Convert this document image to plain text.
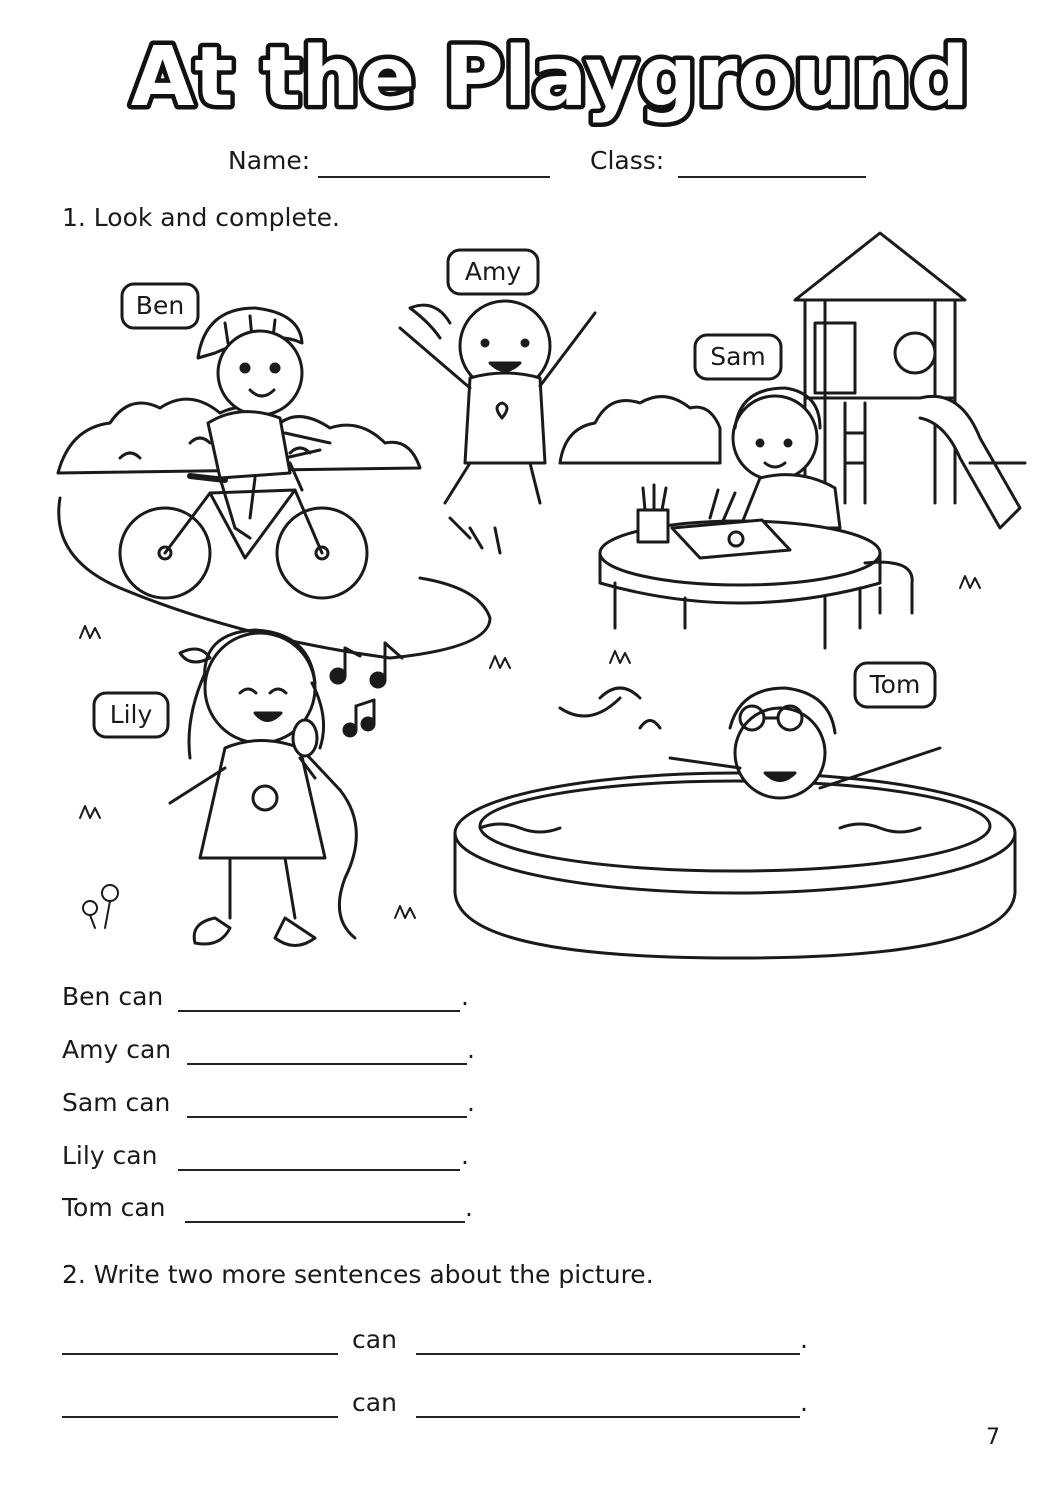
At the Playground
Name:	Class:
1. Look and complete.
Ben
Amy
Sam
Lily
Tom
Ben can	.
Amy can	.
Sam can	.
Lily can	.
Tom can	.
2. Write two more sentences about the picture.
can	.
can	.
7
